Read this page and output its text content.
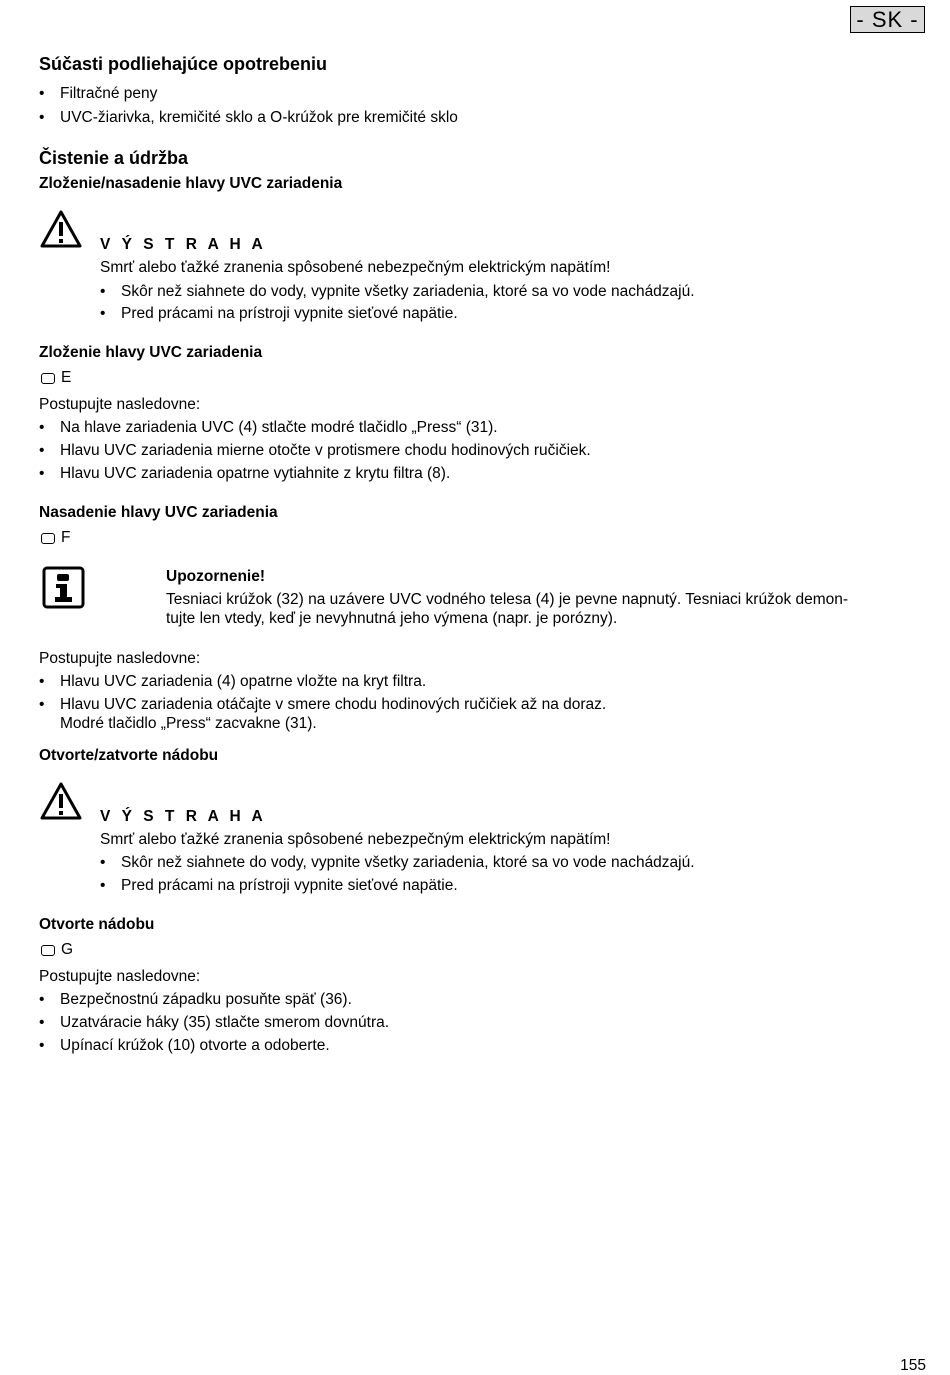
- SK -
Súčasti podliehajúce opotrebeniu
• Filtračné peny
• UVC-žiarivka, kremičité sklo a O-krúžok pre kremičité sklo
Čistenie a údržba
Zloženie/nasadenie hlavy UVC zariadenia
V Ý S T R A H A
Smrť alebo ťažké zranenia spôsobené nebezpečným elektrickým napätím!
• Skôr než siahnete do vody, vypnite všetky zariadenia, ktoré sa vo vode nachádzajú.
• Pred prácami na prístroji vypnite sieťové napätie.
Zloženie hlavy UVC zariadenia
E
Postupujte nasledovne:
• Na hlave zariadenia UVC (4) stlačte modré tlačidlo „Press“ (31).
• Hlavu UVC zariadenia mierne otočte v protismere chodu hodinových ručičiek.
• Hlavu UVC zariadenia opatrne vytiahnite z krytu filtra (8).
Nasadenie hlavy UVC zariadenia
F
Upozornenie!
Tesniaci krúžok (32) na uzávere UVC vodného telesa (4) je pevne napnutý. Tesniaci krúžok demon-
tujte len vtedy, keď je nevyhnutná jeho výmena (napr. je porózny).
Postupujte nasledovne:
• Hlavu UVC zariadenia (4) opatrne vložte na kryt filtra.
• Hlavu UVC zariadenia otáčajte v smere chodu hodinových ručičiek až na doraz.
Modré tlačidlo „Press“ zacvakne (31).
Otvorte/zatvorte nádobu
V Ý S T R A H A
Smrť alebo ťažké zranenia spôsobené nebezpečným elektrickým napätím!
• Skôr než siahnete do vody, vypnite všetky zariadenia, ktoré sa vo vode nachádzajú.
• Pred prácami na prístroji vypnite sieťové napätie.
Otvorte nádobu
G
Postupujte nasledovne:
• Bezpečnostnú západku posuňte späť (36).
• Uzatváracie háky (35) stlačte smerom dovnútra.
• Upínací krúžok (10) otvorte a odoberte.
155
